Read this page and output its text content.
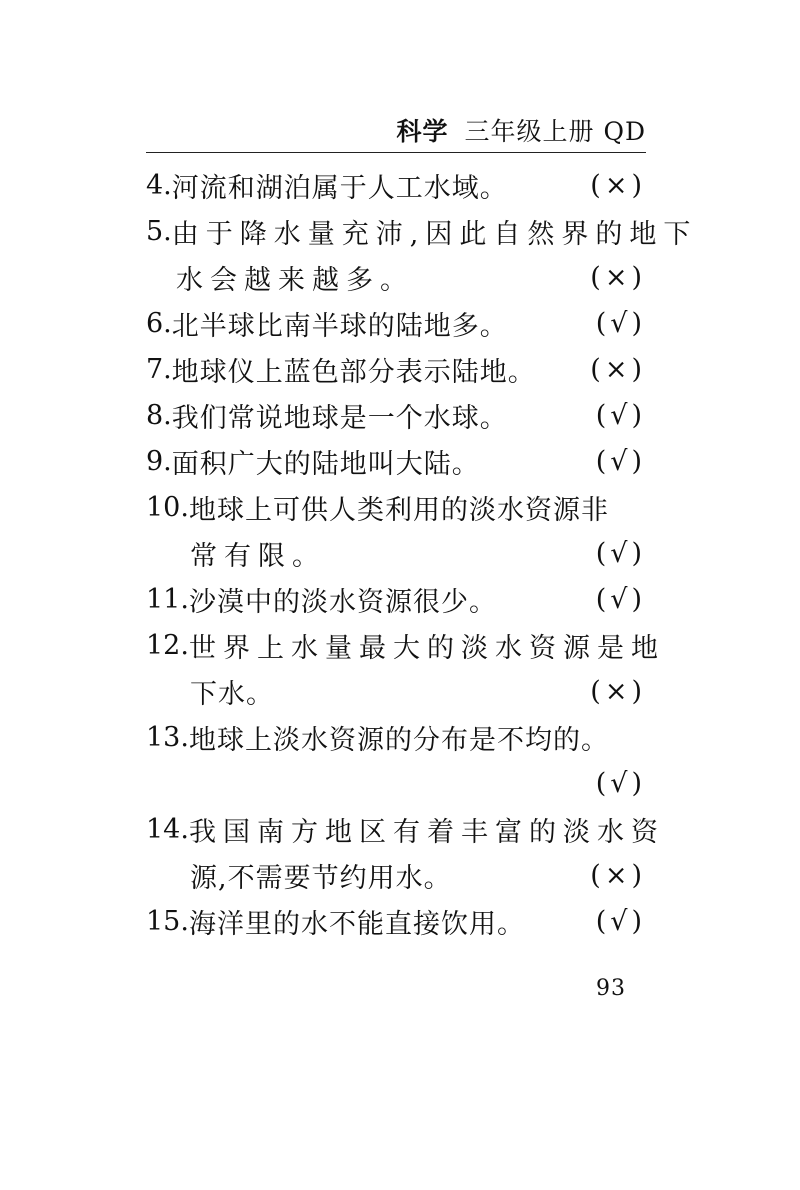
科学 三年级上册 QD
4. 河流和湖泊属于人工水域。	(×)
5. 由于降水量充沛,因此自然界的地下
水会越来越多。	(×)
6. 北半球比南半球的陆地多。	(√)
7. 地球仪上蓝色部分表示陆地。	(×)
8. 我们常说地球是一个水球。	(√)
9. 面积广大的陆地叫大陆。	(√)
10. 地球上可供人类利用的淡水资源非
常有限。	(√)
11. 沙漠中的淡水资源很少。	(√)
12. 世界上水量最大的淡水资源是地
下水。	(×)
13. 地球上淡水资源的分布是不均的。
(√)
14. 我国南方地区有着丰富的淡水资
源,不需要节约用水。	(×)
15. 海洋里的水不能直接饮用。	(√)
93
